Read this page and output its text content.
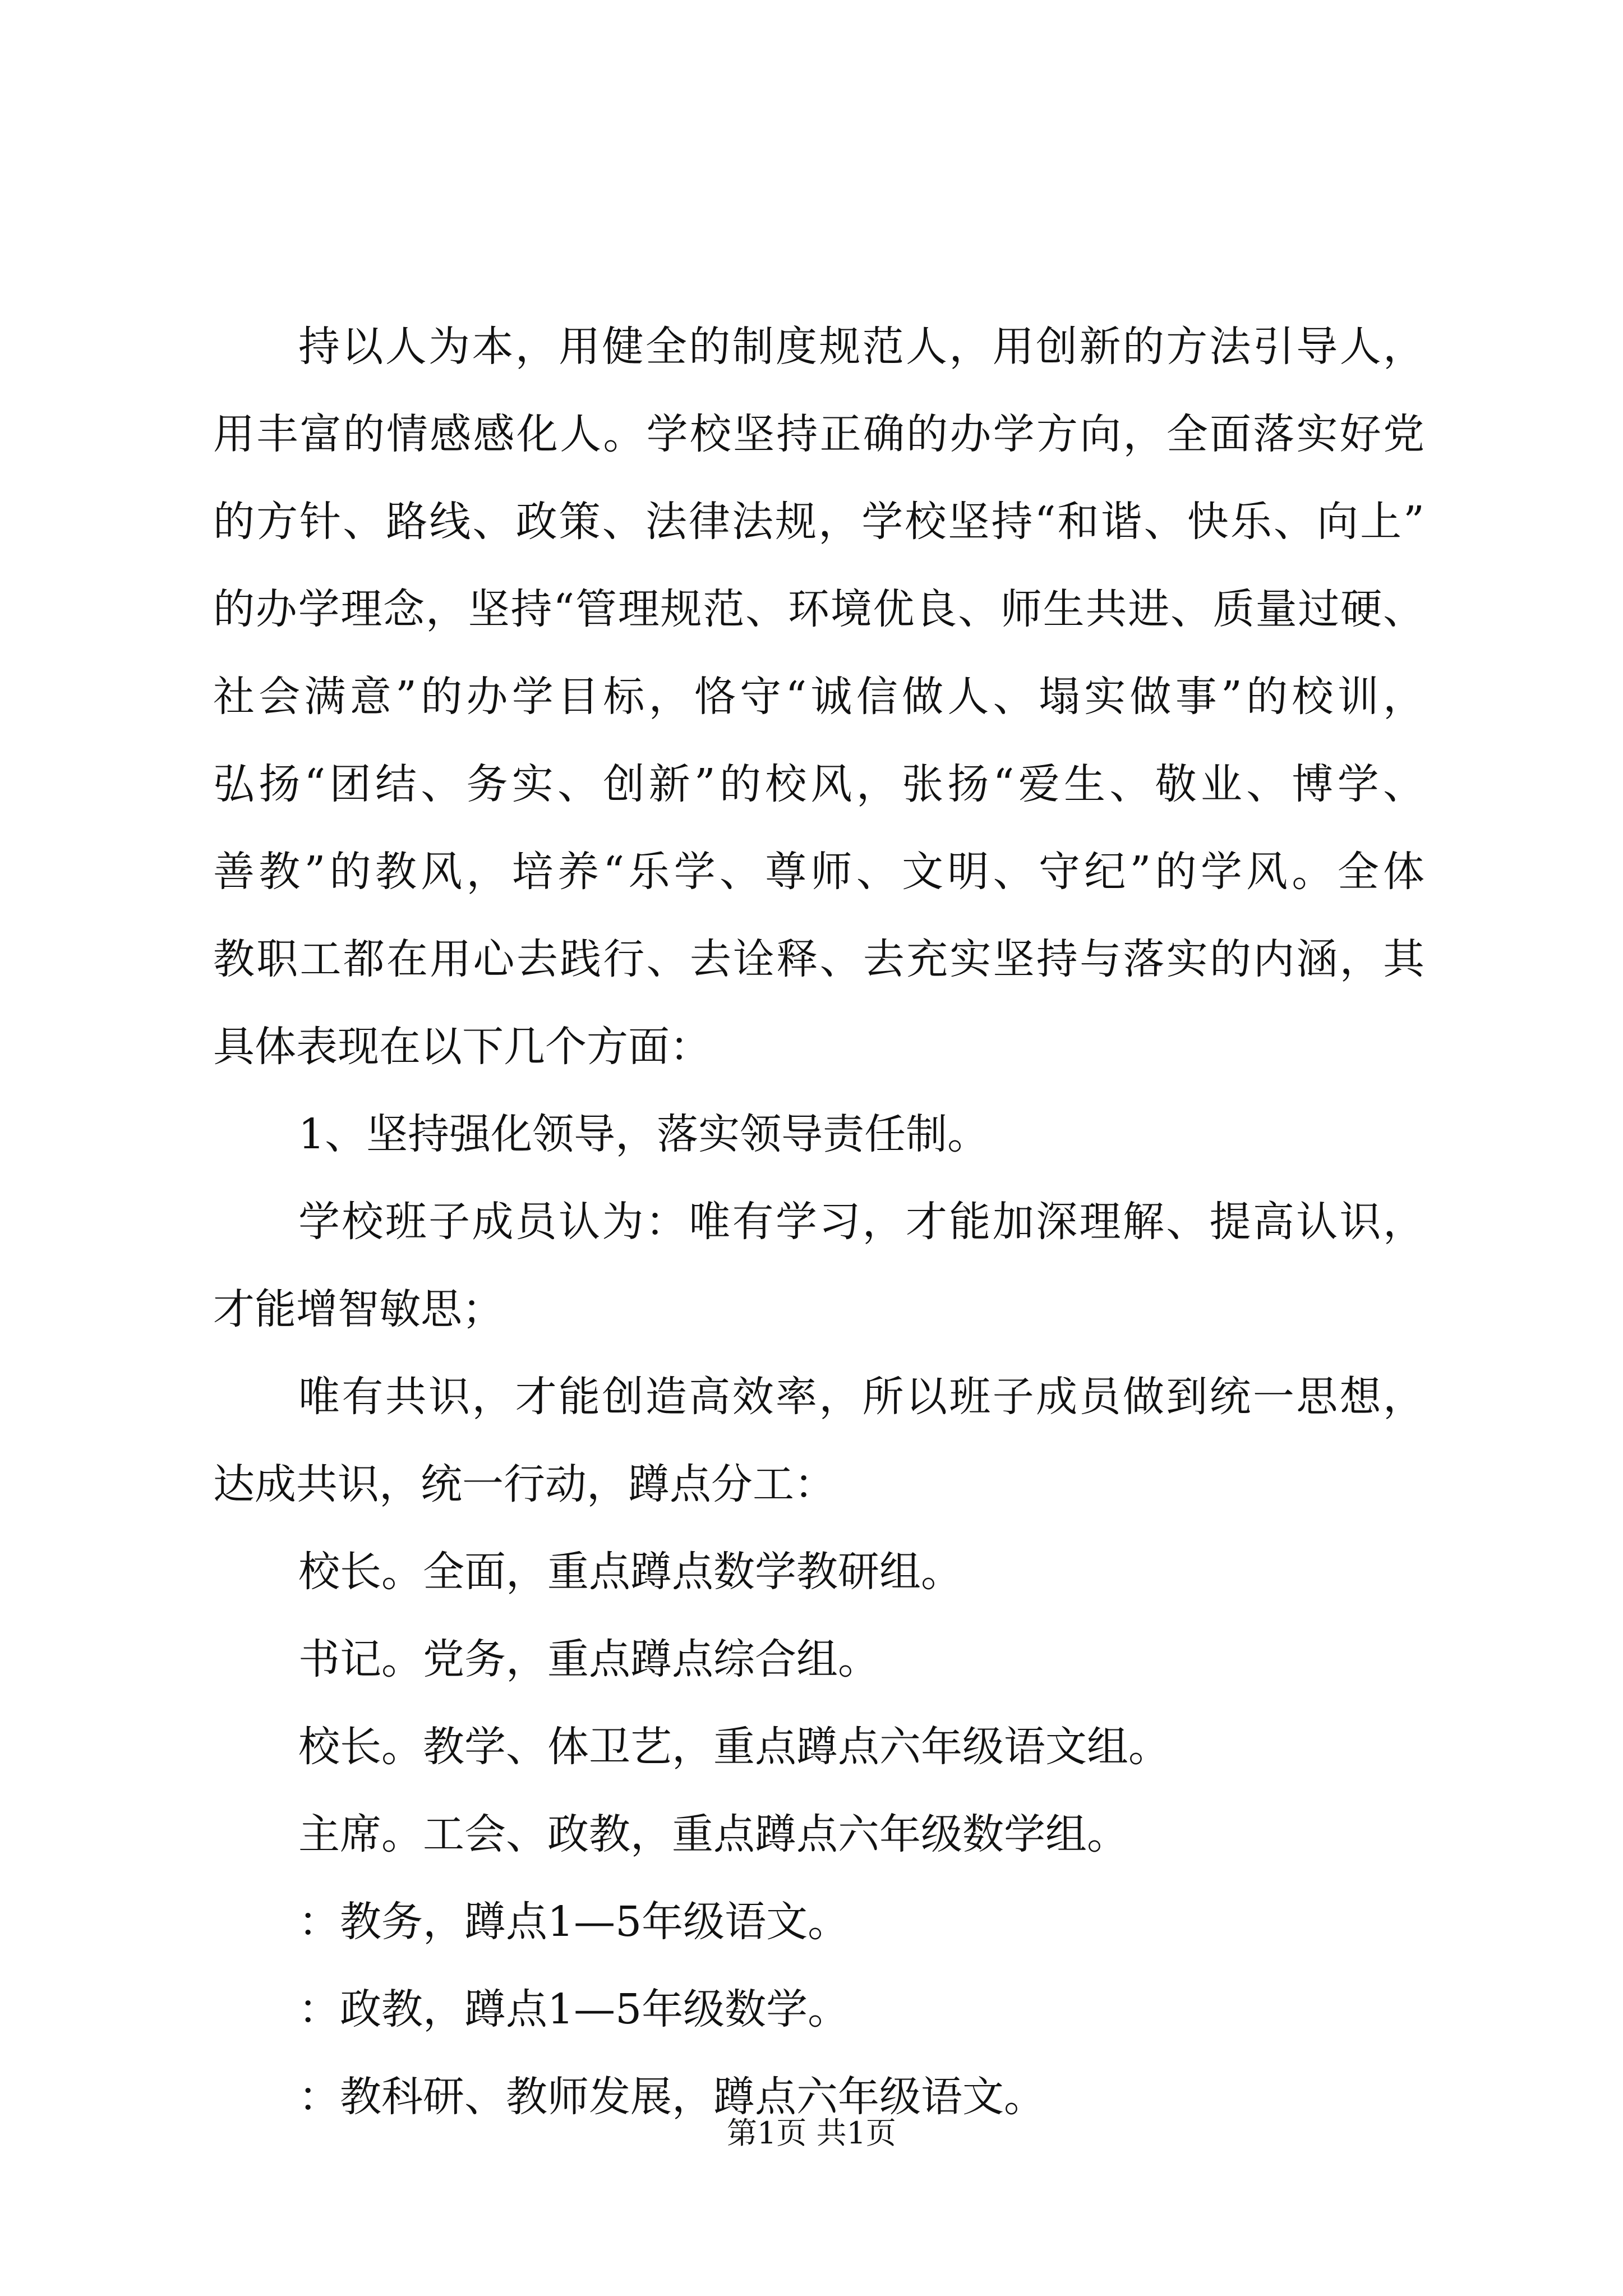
持以人为本，用健全的制度规范人，用创新的方法引导人，

用丰富的情感感化人。学校坚持正确的办学方向，全面落实好党

的方针、路线、政策、法律法规，学校坚持“和谐、快乐、向上”

的办学理念，坚持“管理规范、环境优良、师生共进、质量过硬、

社会满意”的办学目标，恪守“诚信做人、塌实做事”的校训，

弘扬“团结、务实、创新”的校风，张扬“爱生、敬业、博学、

善教”的教风，培养“乐学、尊师、文明、守纪”的学风。全体

教职工都在用心去践行、去诠释、去充实坚持与落实的内涵，其

具体表现在以下几个方面：

1、坚持强化领导，落实领导责任制。

学校班子成员认为：唯有学习，才能加深理解、提高认识，

才能增智敏思；

唯有共识，才能创造高效率，所以班子成员做到统一思想，

达成共识，统一行动，蹲点分工：

校长。全面，重点蹲点数学教研组。

书记。党务，重点蹲点综合组。

校长。教学、体卫艺，重点蹲点六年级语文组。

主席。工会、政教，重点蹲点六年级数学组。

：教务，蹲点1—5年级语文。

：政教，蹲点1—5年级数学。

：教科研、教师发展，蹲点六年级语文。

第1页 共1页
